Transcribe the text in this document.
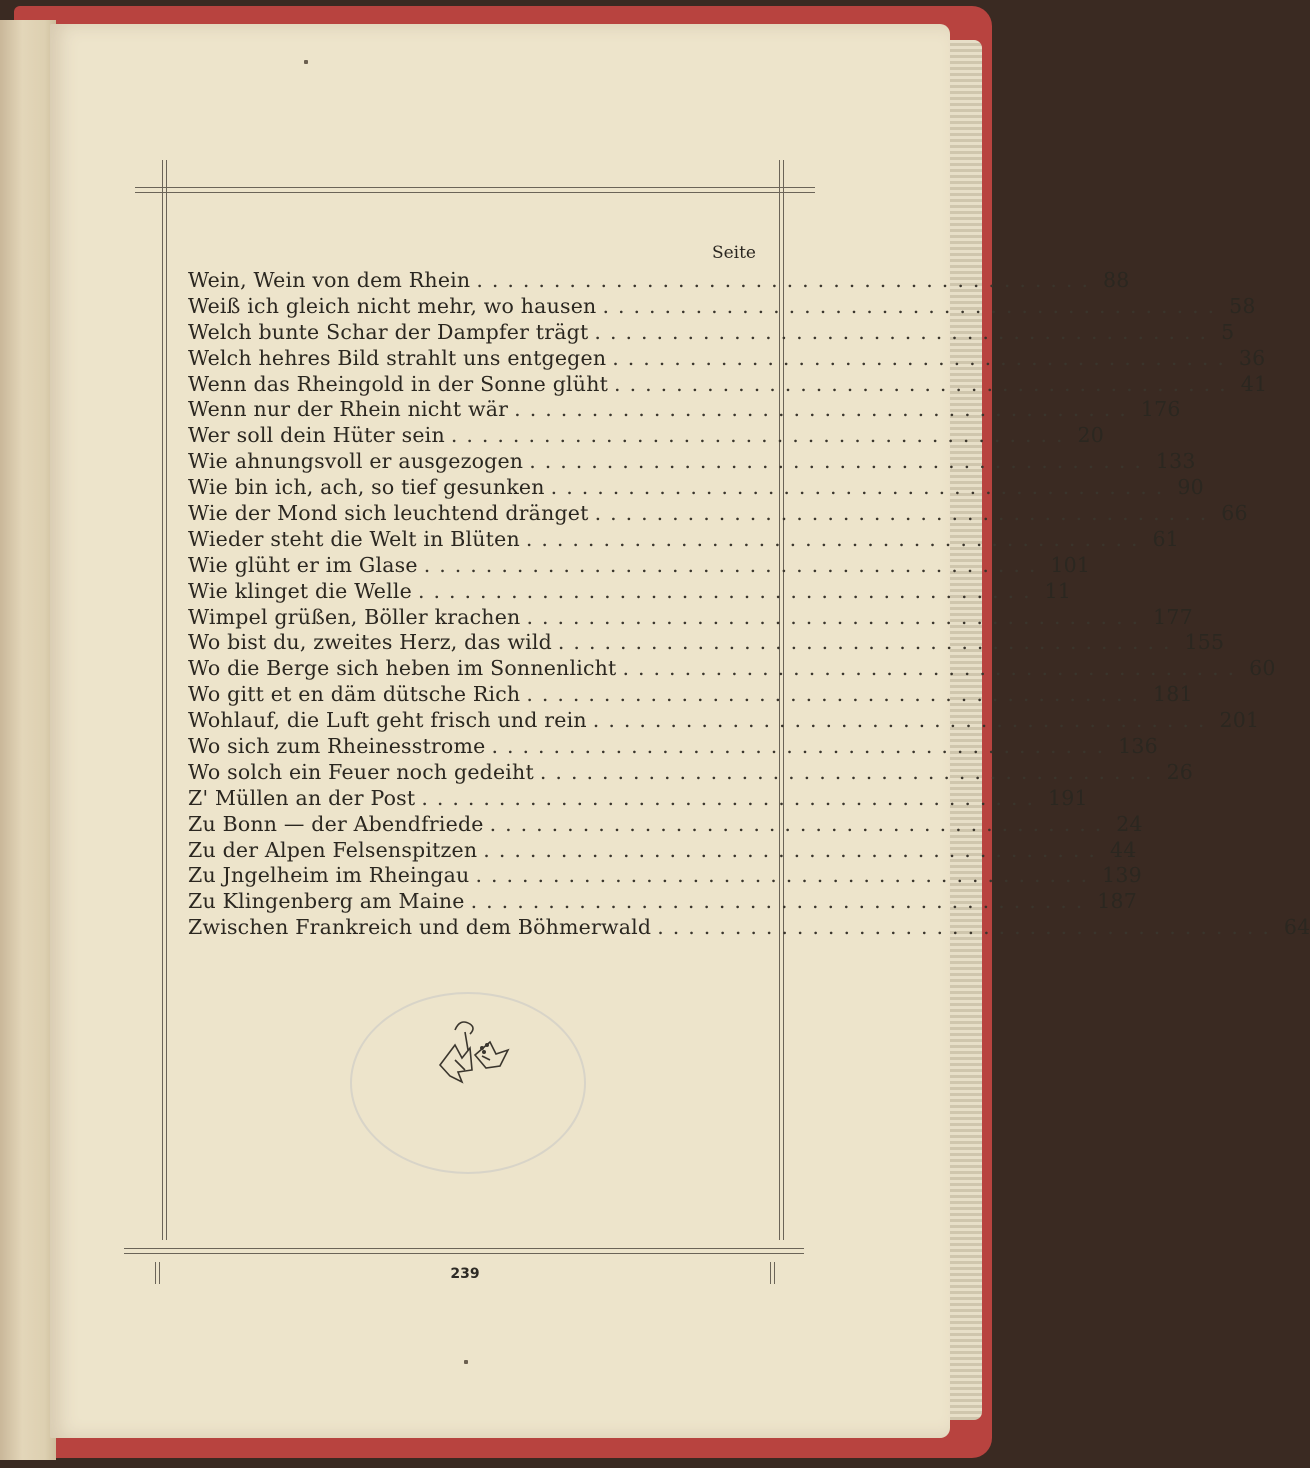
Seite
Wein, Wein von dem Rhein ........................................ 88
Weiß ich gleich nicht mehr, wo hausen ........................................ 58
Welch bunte Schar der Dampfer trägt ........................................ 5
Welch hehres Bild strahlt uns entgegen ........................................ 36
Wenn das Rheingold in der Sonne glüht ........................................ 41
Wenn nur der Rhein nicht wär ........................................ 176
Wer soll dein Hüter sein ........................................ 20
Wie ahnungsvoll er ausgezogen ........................................ 133
Wie bin ich, ach, so tief gesunken ........................................ 90
Wie der Mond sich leuchtend dränget ........................................ 66
Wieder steht die Welt in Blüten ........................................ 61
Wie glüht er im Glase ........................................ 101
Wie klinget die Welle ........................................ 11
Wimpel grüßen, Böller krachen ........................................ 177
Wo bist du, zweites Herz, das wild ........................................ 155
Wo die Berge sich heben im Sonnenlicht ........................................ 60
Wo gitt et en däm dütsche Rich ........................................ 181
Wohlauf, die Luft geht frisch und rein ........................................ 201
Wo sich zum Rheinesstrome ........................................ 136
Wo solch ein Feuer noch gedeiht ........................................ 26
Z' Müllen an der Post ........................................ 191
Zu Bonn — der Abendfriede ........................................ 24
Zu der Alpen Felsenspitzen ........................................ 44
Zu Jngelheim im Rheingau ........................................ 139
Zu Klingenberg am Maine ........................................ 187
Zwischen Frankreich und dem Böhmerwald ........................................ 64
239
